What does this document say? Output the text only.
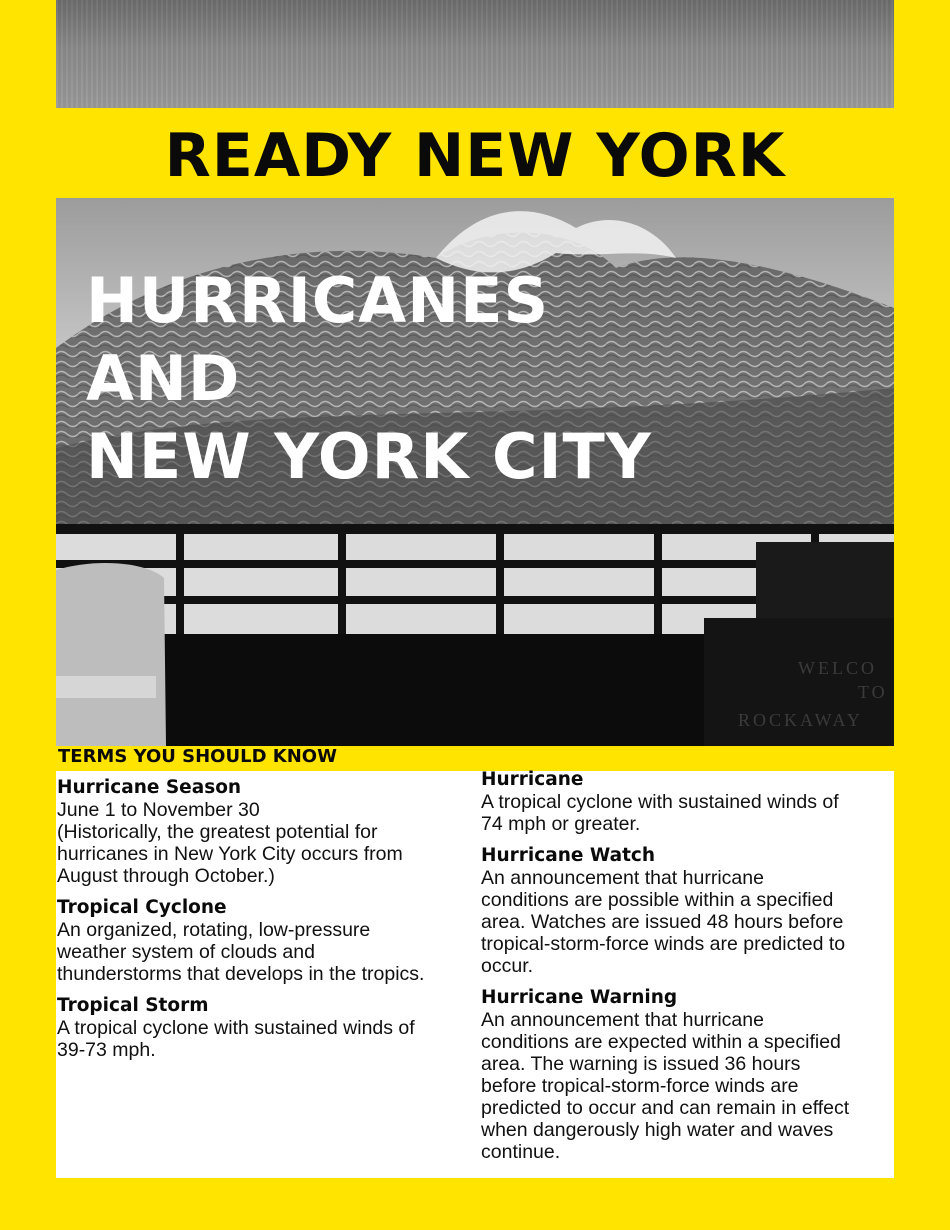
READY NEW YORK
WELCO
TO
ROCKAWAY
HURRICANES
AND
NEW YORK CITY
TERMS YOU SHOULD KNOW
Hurricane Season
June 1 to November 30
(Historically, the greatest potential for
hurricanes in New York City occurs from
August through October.)
Tropical Cyclone
An organized, rotating, low-pressure
weather system of clouds and
thunderstorms that develops in the tropics.
Tropical Storm
A tropical cyclone with sustained winds of
39-73 mph.
Hurricane
A tropical cyclone with sustained winds of
74 mph or greater.
Hurricane Watch
An announcement that hurricane
conditions are possible within a specified
area. Watches are issued 48 hours before
tropical-storm-force winds are predicted to
occur.
Hurricane Warning
An announcement that hurricane
conditions are expected within a specified
area. The warning is issued 36 hours
before tropical-storm-force winds are
predicted to occur and can remain in effect
when dangerously high water and waves
continue.
